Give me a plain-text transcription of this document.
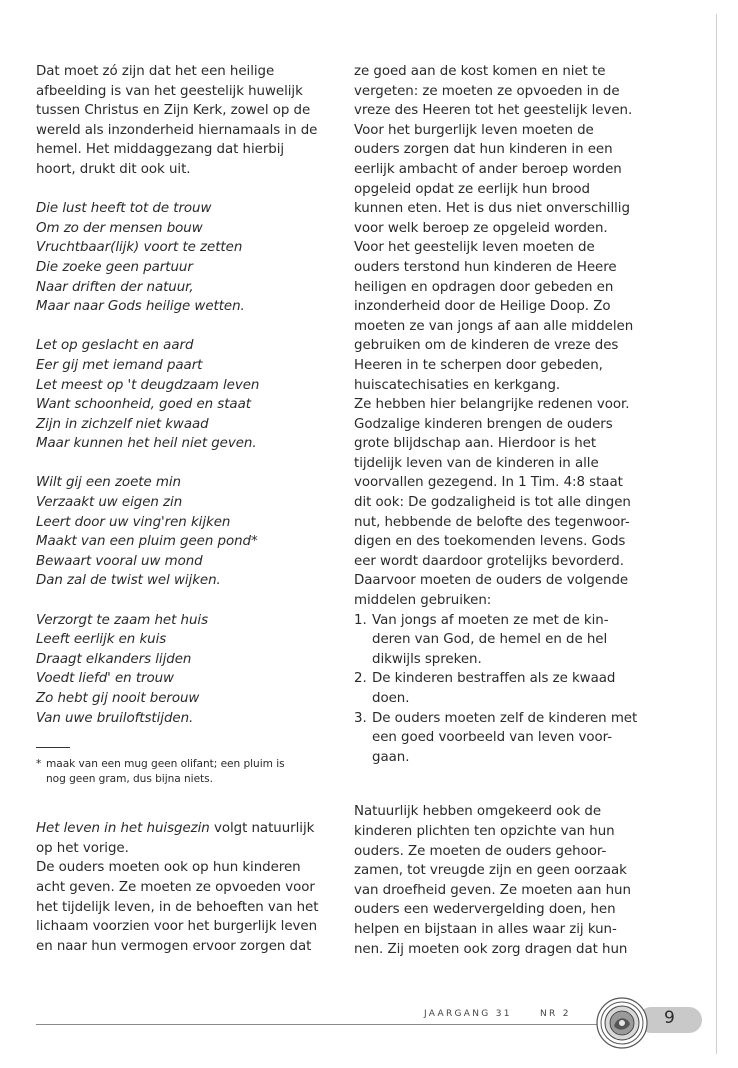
Dat moet zó zijn dat het een heilige

afbeelding is van het geestelijk huwelijk

tussen Christus en Zijn Kerk, zowel op de

wereld als inzonderheid hiernamaals in de

hemel. Het middaggezang dat hierbij

hoort, drukt dit ook uit.

Die lust heeft tot de trouw

Om zo der mensen bouw

Vruchtbaar(lijk) voort te zetten

Die zoeke geen partuur

Naar driften der natuur,

Maar naar Gods heilige wetten.

Let op geslacht en aard

Eer gij met iemand paart

Let meest op 't deugdzaam leven

Want schoonheid, goed en staat

Zijn in zichzelf niet kwaad

Maar kunnen het heil niet geven.

Wilt gij een zoete min

Verzaakt uw eigen zin

Leert door uw ving'ren kijken

Maakt van een pluim geen pond*

Bewaart vooral uw mond

Dan zal de twist wel wijken.

Verzorgt te zaam het huis

Leeft eerlijk en kuis

Draagt elkanders lijden

Voedt liefd' en trouw

Zo hebt gij nooit berouw

Van uwe bruiloftstijden.

* maak van een mug geen olifant; een pluim is

nog geen gram, dus bijna niets.

Het leven in het huisgezin volgt natuurlijk

op het vorige.

De ouders moeten ook op hun kinderen

acht geven. Ze moeten ze opvoeden voor

het tijdelijk leven, in de behoeften van het

lichaam voorzien voor het burgerlijk leven

en naar hun vermogen ervoor zorgen dat

ze goed aan de kost komen en niet te

vergeten: ze moeten ze opvoeden in de

vreze des Heeren tot het geestelijk leven.

Voor het burgerlijk leven moeten de

ouders zorgen dat hun kinderen in een

eerlijk ambacht of ander beroep worden

opgeleid opdat ze eerlijk hun brood

kunnen eten. Het is dus niet onverschillig

voor welk beroep ze opgeleid worden.

Voor het geestelijk leven moeten de

ouders terstond hun kinderen de Heere

heiligen en opdragen door gebeden en

inzonderheid door de Heilige Doop. Zo

moeten ze van jongs af aan alle middelen

gebruiken om de kinderen de vreze des

Heeren in te scherpen door gebeden,

huiscatechisaties en kerkgang.

Ze hebben hier belangrijke redenen voor.

Godzalige kinderen brengen de ouders

grote blijdschap aan. Hierdoor is het

tijdelijk leven van de kinderen in alle

voorvallen gezegend. In 1 Tim. 4:8 staat

dit ook: De godzaligheid is tot alle dingen

nut, hebbende de belofte des tegenwoor-

digen en des toekomenden levens. Gods

eer wordt daardoor grotelijks bevorderd.

Daarvoor moeten de ouders de volgende

middelen gebruiken:

1. Van jongs af moeten ze met de kin-

deren van God, de hemel en de hel

dikwijls spreken.

2. De kinderen bestraffen als ze kwaad

doen.

3. De ouders moeten zelf de kinderen met

een goed voorbeeld van leven voor-

gaan.

Natuurlijk hebben omgekeerd ook de

kinderen plichten ten opzichte van hun

ouders. Ze moeten de ouders gehoor-

zamen, tot vreugde zijn en geen oorzaak

van droefheid geven. Ze moeten aan hun

ouders een wedervergelding doen, hen

helpen en bijstaan in alles waar zij kun-

nen. Zij moeten ook zorg dragen dat hun

JAARGANG 31	NR 2	9
